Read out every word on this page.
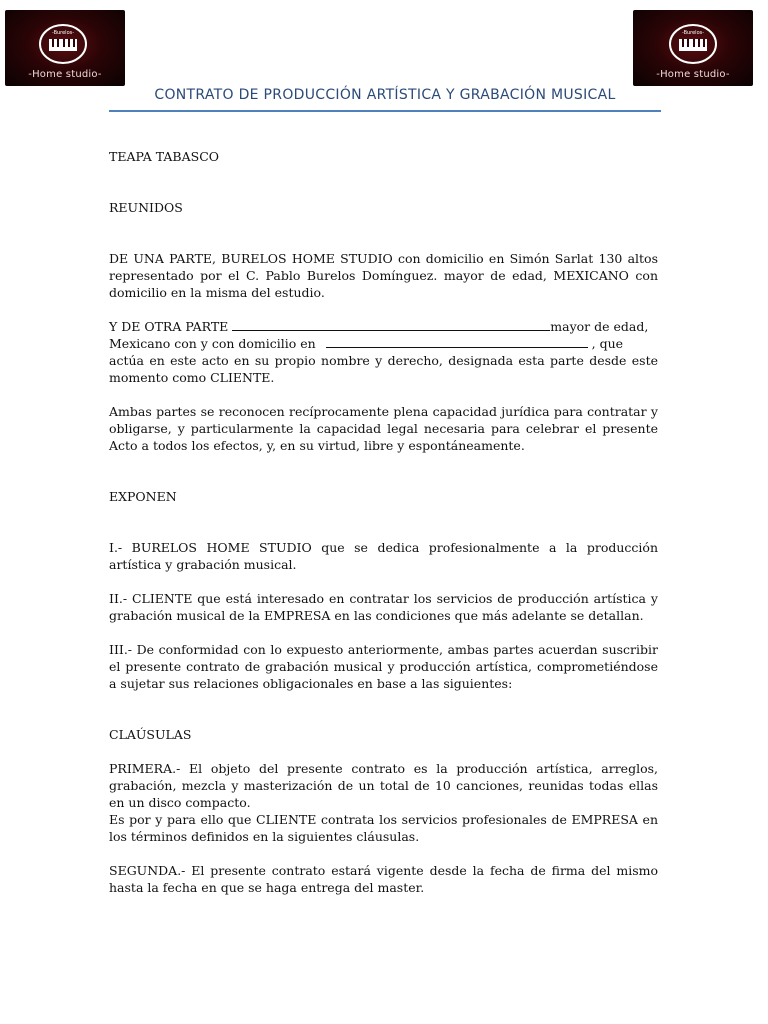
-Burelos-
-Home studio-
-Burelos-
-Home studio-
CONTRATO DE PRODUCCIÓN ARTÍSTICA Y GRABACIÓN MUSICAL
TEAPA TABASCO
REUNIDOS
DE UNA PARTE, BURELOS HOME STUDIO con domicilio en Simón Sarlat 130 altos representado por el C. Pablo Burelos Domínguez. mayor de edad, MEXICANO con domicilio en la misma del estudio.
Y DE OTRA PARTE	mayor de edad,
Mexicano con y con domicilio en	, que
actúa en este acto en su propio nombre y derecho, designada esta parte desde este momento como CLIENTE.
Ambas partes se reconocen recíprocamente plena capacidad jurídica para contratar y obligarse, y particularmente la capacidad legal necesaria para celebrar el presente Acto a todos los efectos, y, en su virtud, libre y espontáneamente.
EXPONEN
I.- BURELOS HOME STUDIO que se dedica profesionalmente a la producción artística y grabación musical.
II.- CLIENTE que está interesado en contratar los servicios de producción artística y grabación musical de la EMPRESA en las condiciones que más adelante se detallan.
III.- De conformidad con lo expuesto anteriormente, ambas partes acuerdan suscribir el presente contrato de grabación musical y producción artística, comprometiéndose a sujetar sus relaciones obligacionales en base a las siguientes:
CLAÚSULAS
PRIMERA.- El objeto del presente contrato es la producción artística, arreglos, grabación, mezcla y masterización de un total de 10 canciones, reunidas todas ellas en un disco compacto.
Es por y para ello que CLIENTE contrata los servicios profesionales de EMPRESA en los términos definidos en la siguientes cláusulas.
SEGUNDA.- El presente contrato estará vigente desde la fecha de firma del mismo hasta la fecha en que se haga entrega del master.
